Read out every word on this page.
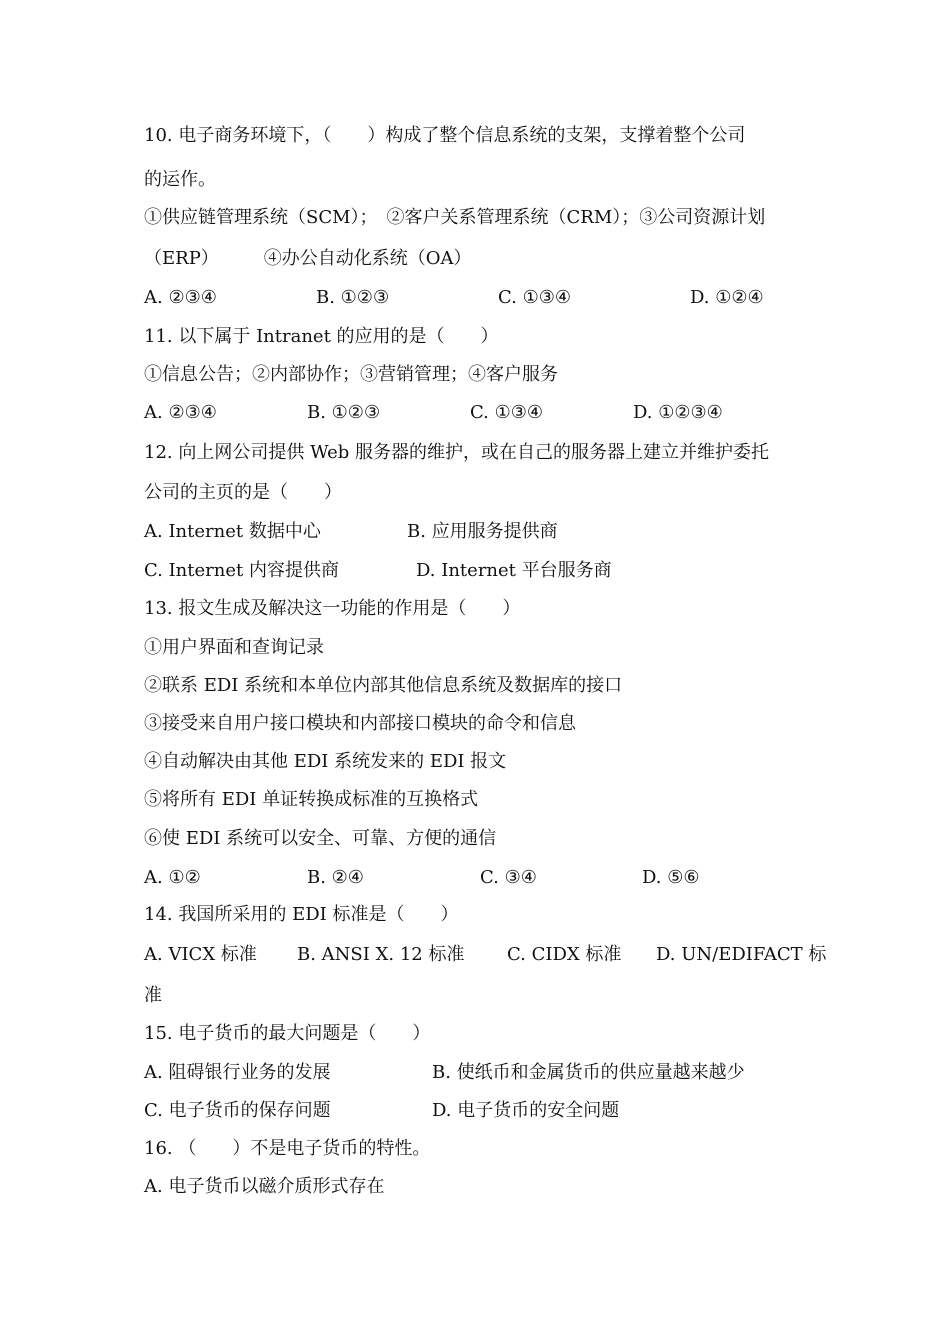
10. 电子商务环境下，（　　）构成了整个信息系统的支架，支撑着整个公司
的运作。
①供应链管理系统（SCM）；　②客户关系管理系统（CRM）；③公司资源计划
（ERP）　　　④办公自动化系统（OA）
A. ②③④	B. ①②③	C. ①③④	D. ①②④
11. 以下属于 Intranet 的应用的是（　　）
①信息公告；②内部协作；③营销管理；④客户服务
A. ②③④	B. ①②③	C. ①③④	D. ①②③④
12. 向上网公司提供 Web 服务器的维护，或在自己的服务器上建立并维护委托
公司的主页的是（　　）
A. Internet 数据中心	B. 应用服务提供商
C. Internet 内容提供商	D. Internet 平台服务商
13. 报文生成及解决这一功能的作用是（　　）
①用户界面和查询记录
②联系 EDI 系统和本单位内部其他信息系统及数据库的接口
③接受来自用户接口模块和内部接口模块的命令和信息
④自动解决由其他 EDI 系统发来的 EDI 报文
⑤将所有 EDI 单证转换成标准的互换格式
⑥使 EDI 系统可以安全、可靠、方便的通信
A. ①②	B. ②④	C. ③④	D. ⑤⑥
14. 我国所采用的 EDI 标准是（　　）
A. VICX 标准 B. ANSI X. 12 标准 C. CIDX 标准 D. UN/EDIFACT 标
准
15. 电子货币的最大问题是（　　）
A. 阻碍银行业务的发展	B. 使纸币和金属货币的供应量越来越少
C. 电子货币的保存问题	D. 电子货币的安全问题
16. （　　）不是电子货币的特性。
A. 电子货币以磁介质形式存在
